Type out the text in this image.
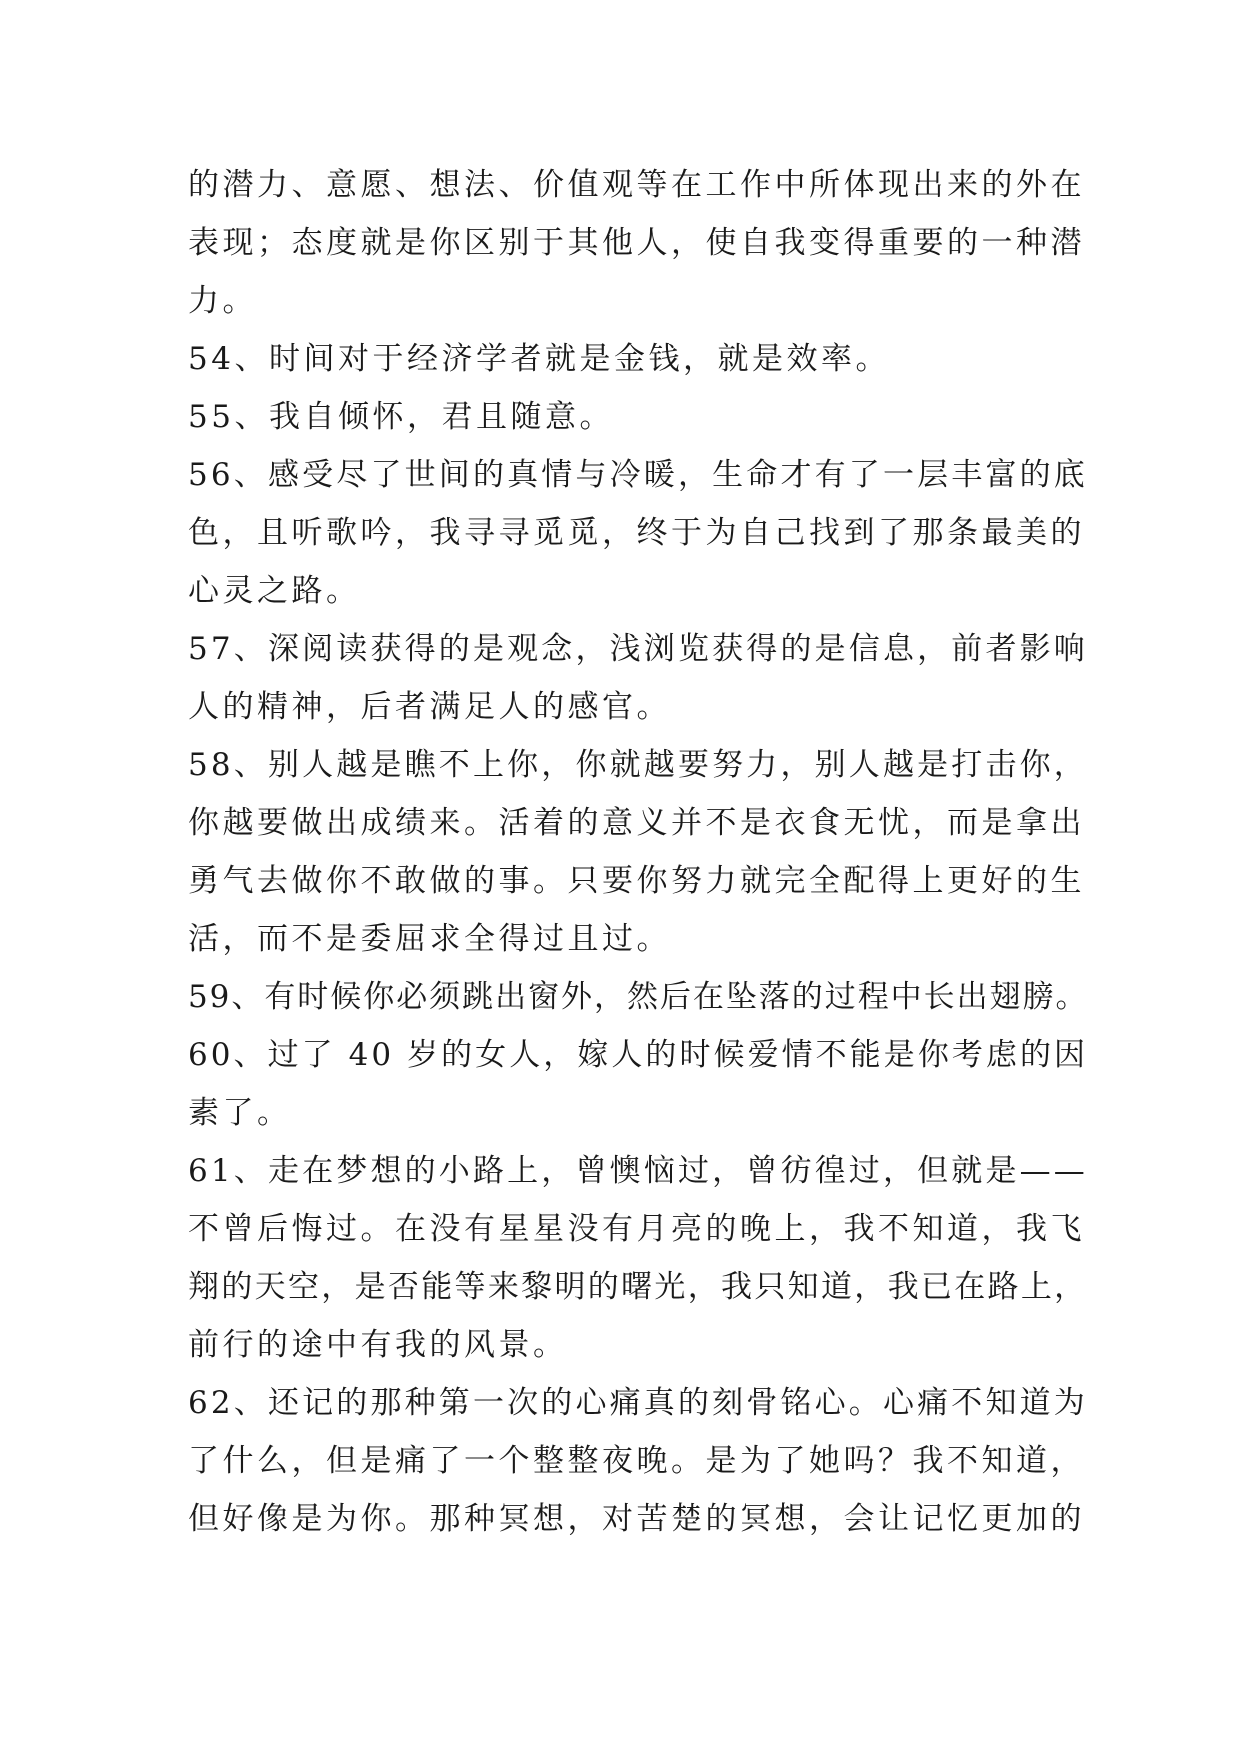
的潜力、意愿、想法、价值观等在工作中所体现出来的外在
表现；态度就是你区别于其他人，使自我变得重要的一种潜
力。
54、时间对于经济学者就是金钱，就是效率。
55、我自倾怀，君且随意。
56、感受尽了世间的真情与冷暖，生命才有了一层丰富的底
色，且听歌吟，我寻寻觅觅，终于为自己找到了那条最美的
心灵之路。
57、深阅读获得的是观念，浅浏览获得的是信息，前者影响
人的精神，后者满足人的感官。
58、别人越是瞧不上你，你就越要努力，别人越是打击你，
你越要做出成绩来。活着的意义并不是衣食无忧，而是拿出
勇气去做你不敢做的事。只要你努力就完全配得上更好的生
活，而不是委屈求全得过且过。
59、有时候你必须跳出窗外，然后在坠落的过程中长出翅膀。
60、过了 40 岁的女人，嫁人的时候爱情不能是你考虑的因
素了。
61、走在梦想的小路上，曾懊恼过，曾彷徨过，但就是——
不曾后悔过。在没有星星没有月亮的晚上，我不知道，我飞
翔的天空，是否能等来黎明的曙光，我只知道，我已在路上，
前行的途中有我的风景。
62、还记的那种第一次的心痛真的刻骨铭心。心痛不知道为
了什么，但是痛了一个整整夜晚。是为了她吗？我不知道，
但好像是为你。那种冥想，对苦楚的冥想，会让记忆更加的
